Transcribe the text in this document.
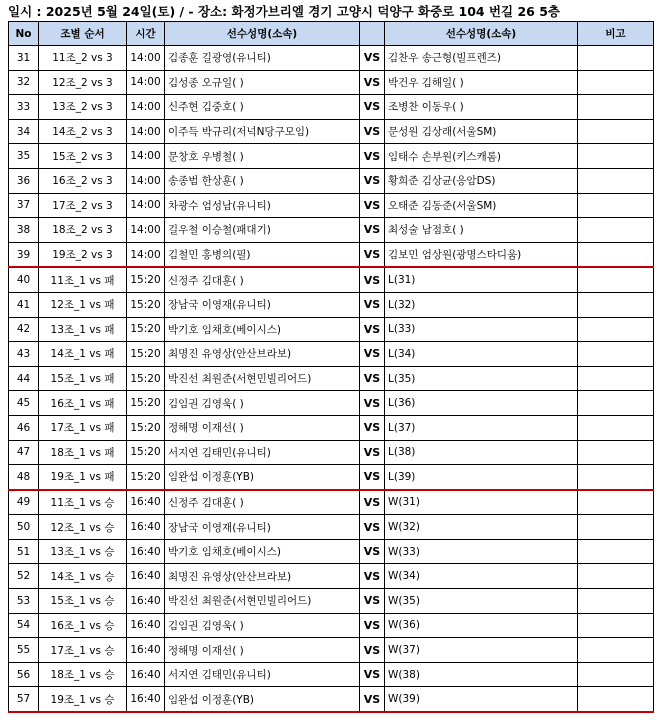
일시 : 2025년 5월 24일(토) / - 장소: 화정가브리엘 경기 고양시 덕양구 화중로 104 번길 26 5층
No	조별 순서	시간	선수성명(소속)		선수성명(소속)	비고
31	11조_2 vs 3	14:00	김종훈 길광영(유니티)	VS	김찬우 송근형(빌프렌즈)	
32	12조_2 vs 3	14:00	김성종 오규일( )	VS	박건우 김해일( )	
33	13조_2 vs 3	14:00	신주현 김중호( )	VS	조병찬 이동우( )	
34	14조_2 vs 3	14:00	이주득 박규리(저넉N당구모임)	VS	문성원 김상래(서울SM)	
35	15조_2 vs 3	14:00	문창호 우병철( )	VS	임태수 손부원(키스캐롬)	
36	16조_2 vs 3	14:00	송종범 한상훈( )	VS	황희준 김상균(응암DS)	
37	17조_2 vs 3	14:00	차광수 엄성남(유니티)	VS	오태준 김동준(서울SM)	
38	18조_2 vs 3	14:00	길우철 이승철(패대기)	VS	최성술 남점호( )	
39	19조_2 vs 3	14:00	김철민 홍병의(필)	VS	김보민 엄상원(광명스타디움)	
40	11조_1 vs 패	15:20	신정주 김대훈( )	VS	L(31)	
41	12조_1 vs 패	15:20	장남국 이영재(유니티)	VS	L(32)	
42	13조_1 vs 패	15:20	박기호 임채호(베이시스)	VS	L(33)	
43	14조_1 vs 패	15:20	최명진 유영상(안산브라보)	VS	L(34)	
44	15조_1 vs 패	15:20	박진선 최원준(서현민빌리어드)	VS	L(35)	
45	16조_1 vs 패	15:20	김임권 김영욱( )	VS	L(36)	
46	17조_1 vs 패	15:20	정해명 이재선( )	VS	L(37)	
47	18조_1 vs 패	15:20	서지연 김태민(유니티)	VS	L(38)	
48	19조_1 vs 패	15:20	임완섭 이정훈(YB)	VS	L(39)	
49	11조_1 vs 승	16:40	신정주 김대훈( )	VS	W(31)	
50	12조_1 vs 승	16:40	장남국 이영재(유니티)	VS	W(32)	
51	13조_1 vs 승	16:40	박기호 임채호(베이시스)	VS	W(33)	
52	14조_1 vs 승	16:40	최명진 유영상(안산브라보)	VS	W(34)	
53	15조_1 vs 승	16:40	박진선 최원준(서현민빌리어드)	VS	W(35)	
54	16조_1 vs 승	16:40	김임권 김영욱( )	VS	W(36)	
55	17조_1 vs 승	16:40	정해명 이재선( )	VS	W(37)	
56	18조_1 vs 승	16:40	서지연 김태민(유니티)	VS	W(38)	
57	19조_1 vs 승	16:40	임완섭 이정훈(YB)	VS	W(39)	
